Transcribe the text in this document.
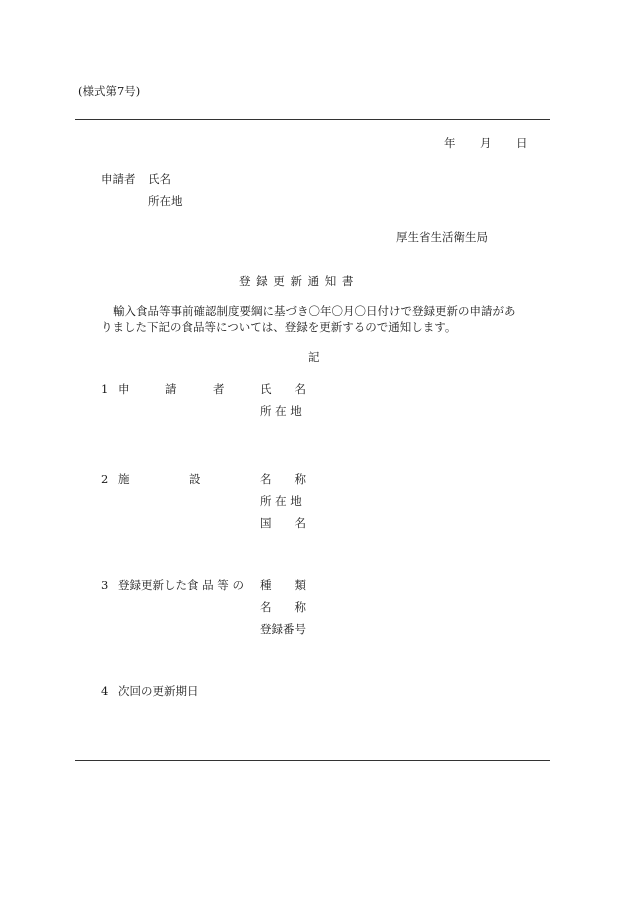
(様式第7号)
年 月 日
申請者 氏名
所在地
厚生省生活衛生局
登 録 更 新 通 知 書
輸入食品等事前確認制度要綱に基づき〇年〇月〇日付けで登録更新の申請があ
りました下記の食品等については、登録を更新するので通知します。
記
1 申	請	者	氏　　名
所 在 地
2 施	設	名　　称
所 在 地
国　　名
3 登録更新した食 品 等 の 種　　類
名　　称
登録番号
4 次回の更新期日
